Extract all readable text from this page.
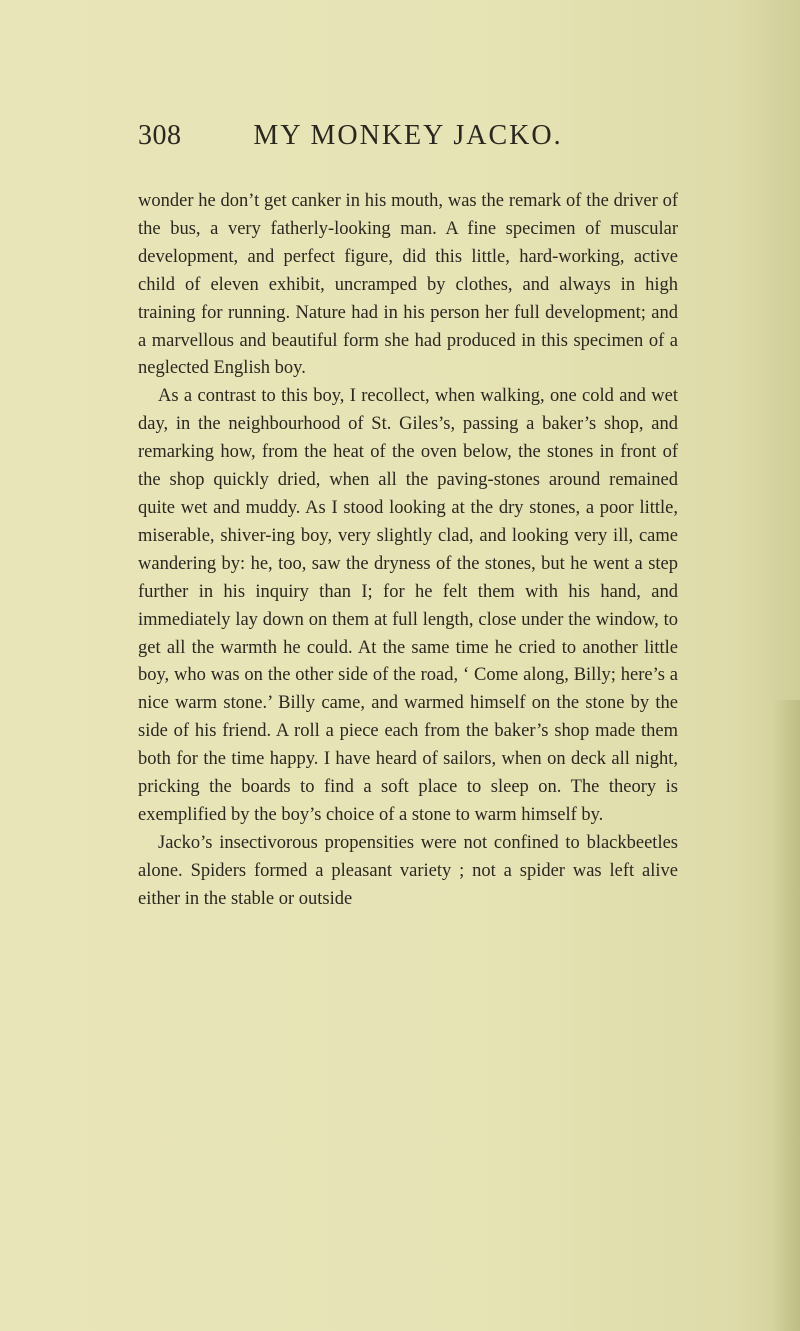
308	MY MONKEY JACKO.

wonder he don’t get canker in his mouth, was the remark of the driver of the bus, a very fatherly-looking man. A fine specimen of muscular development, and perfect figure, did this little, hard-working, active child of eleven exhibit, uncramped by clothes, and always in high training for running. Nature had in his person her full development; and a marvellous and beautiful form she had produced in this specimen of a neglected English boy.

As a contrast to this boy, I recollect, when walking, one cold and wet day, in the neighbourhood of St. Giles’s, passing a baker’s shop, and remarking how, from the heat of the oven below, the stones in front of the shop quickly dried, when all the paving-stones around remained quite wet and muddy. As I stood looking at the dry stones, a poor little, miserable, shiver-ing boy, very slightly clad, and looking very ill, came wandering by: he, too, saw the dryness of the stones, but he went a step further in his inquiry than I; for he felt them with his hand, and immediately lay down on them at full length, close under the window, to get all the warmth he could. At the same time he cried to another little boy, who was on the other side of the road, ‘ Come along, Billy; here’s a nice warm stone.’ Billy came, and warmed himself on the stone by the side of his friend. A roll a piece each from the baker’s shop made them both for the time happy. I have heard of sailors, when on deck all night, pricking the boards to find a soft place to sleep on. The theory is exemplified by the boy’s choice of a stone to warm himself by.

Jacko’s insectivorous propensities were not confined to blackbeetles alone. Spiders formed a pleasant variety ; not a spider was left alive either in the stable or outside
